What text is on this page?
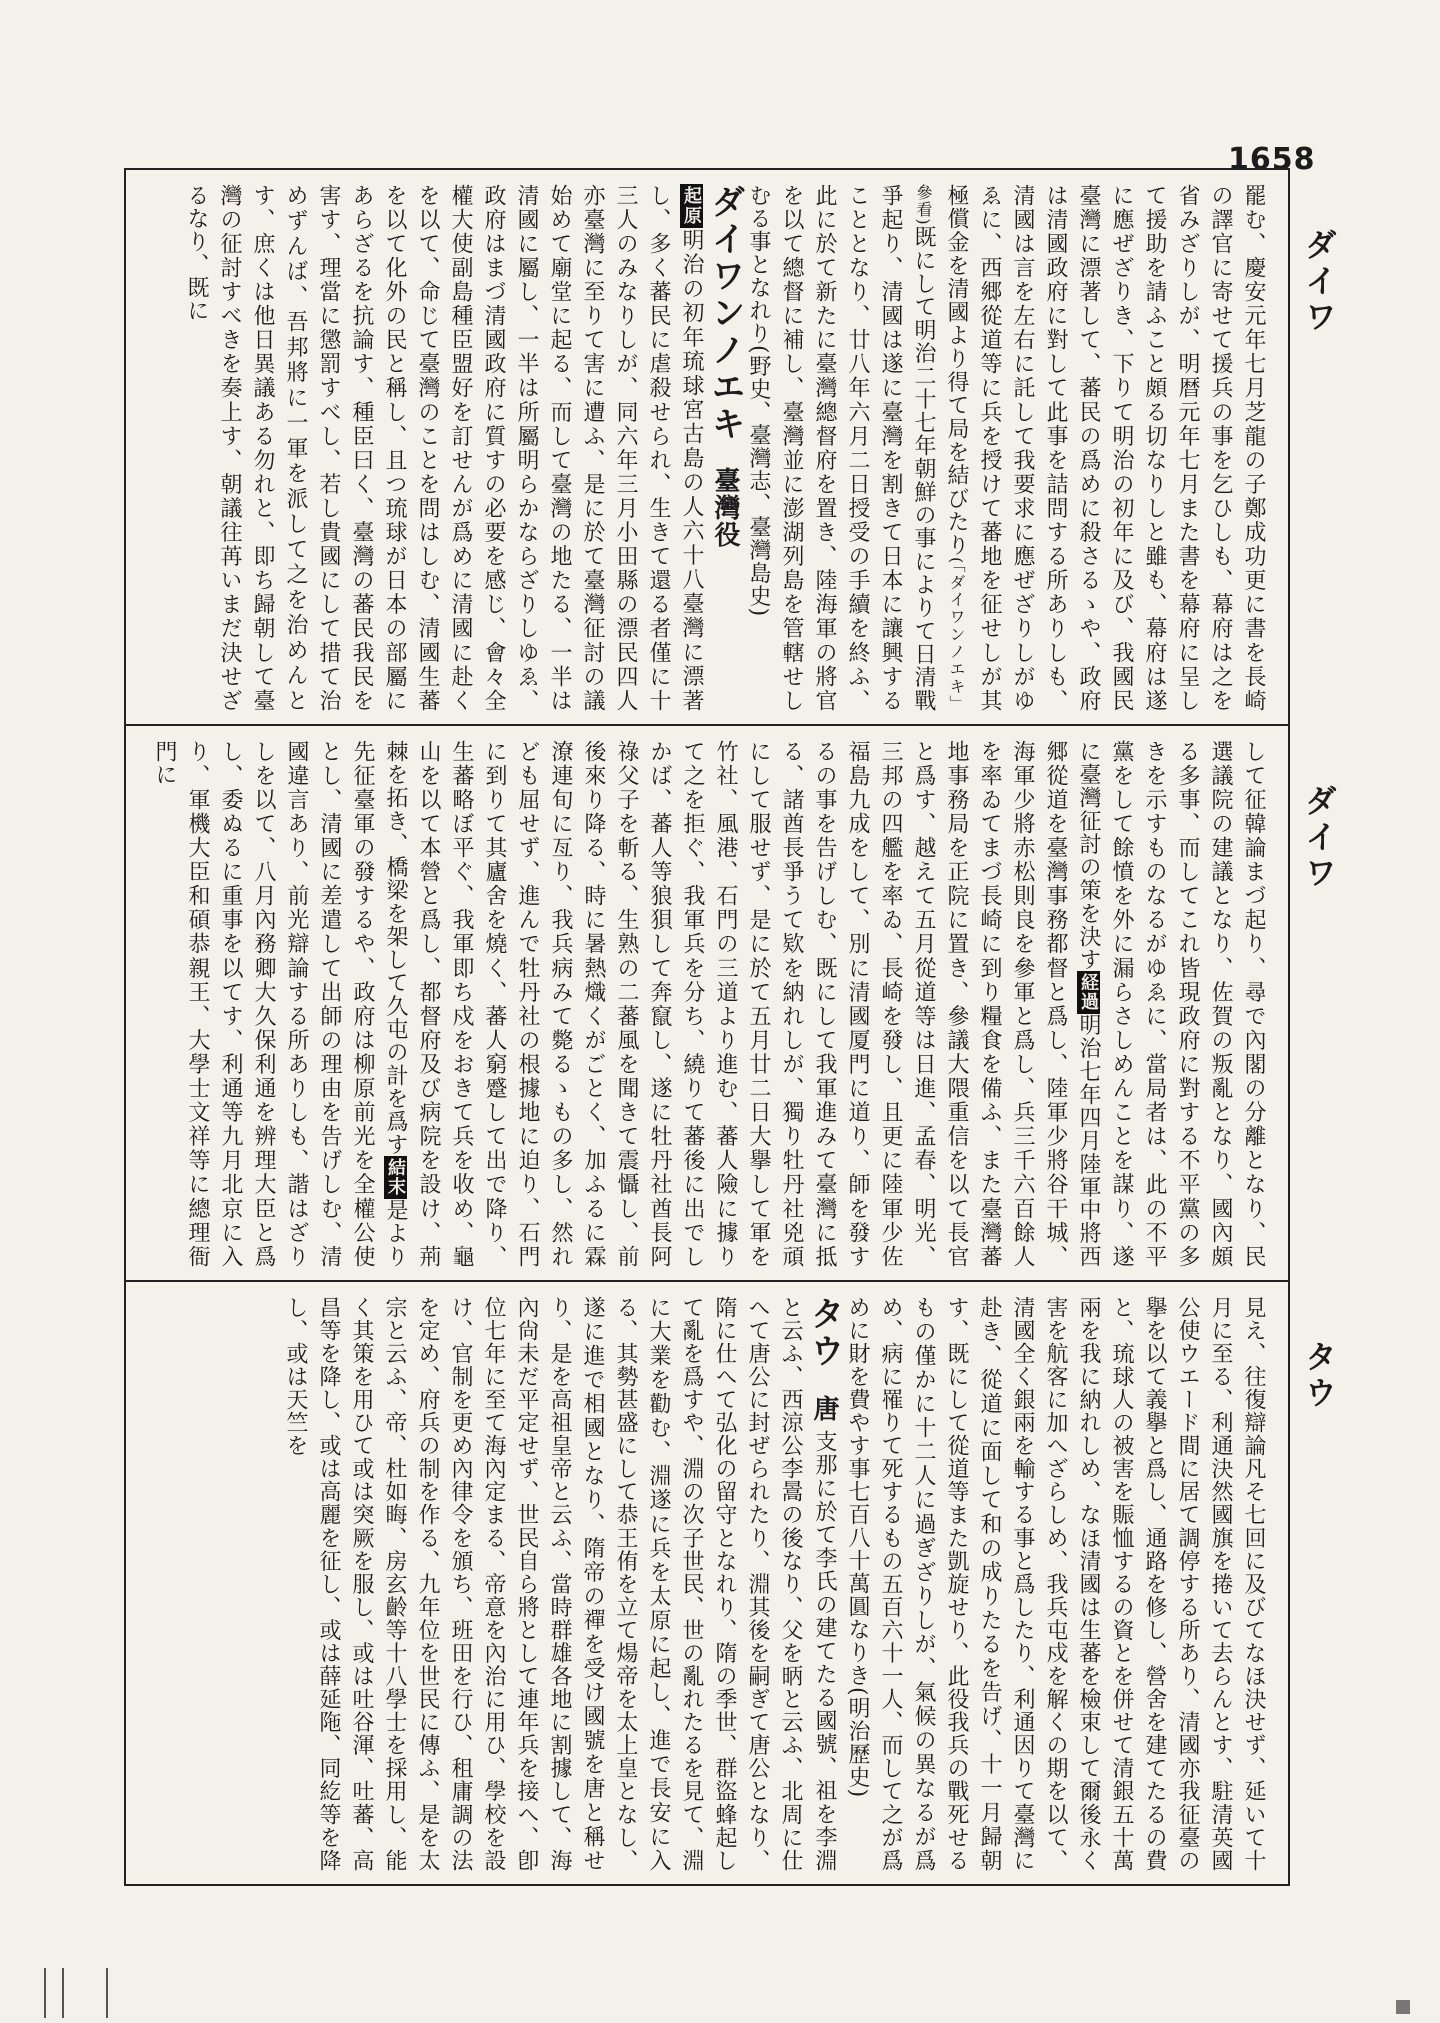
1658
ダイワ
ダイワ
タウ
罷む、慶安元年七月芝龍の子鄭成功更に書を長崎の譯官に寄せて援兵の事を乞ひしも、幕府は之を省みざりしが、明暦元年七月また書を幕府に呈して援助を請ふこと頗る切なりしと雖も、幕府は遂に應ぜざりき、下りて明治の初年に及び、我國民臺灣に漂著して、蕃民の爲めに殺さるゝや、政府は清國政府に對して此事を詰問する所ありしも、清國は言を左右に託して我要求に應ぜざりしがゆゑに、西郷從道等に兵を授けて蕃地を征せしが其極償金を清國より得て局を結びたり(「ダイワンノエキ」參看)既にして明治二十七年朝鮮の事によりて日清戰爭起り、清國は遂に臺灣を割きて日本に讓興することとなり、廿八年六月二日授受の手續を終ふ、此に於て新たに臺灣總督府を置き、陸海軍の將官を以て總督に補し、臺灣並に澎湖列島を管轄せしむる事となれり(野史、臺灣志、臺灣島史)
ダイワンノエキ臺灣役
起原明治の初年琉球宮古島の人六十八臺灣に漂著し、多く蕃民に虐殺せられ、生きて還る者僅に十三人のみなりしが、同六年三月小田縣の漂民四人亦臺灣に至りて害に遭ふ、是に於て臺灣征討の議始めて廟堂に起る、而して臺灣の地たる、一半は清國に屬し、一半は所屬明らかならざりしゆゑ、政府はまづ清國政府に質すの必要を感じ、會々全權大使副島種臣盟好を訂せんが爲めに清國に赴くを以て、命じて臺灣のことを問はしむ、清國生蕃を以て化外の民と稱し、且つ琉球が日本の部屬にあらざるを抗論す、種臣曰く、臺灣の蕃民我民を害す、理當に懲罰すべし、若し貴國にして措て治めずんば、吾邦將に一軍を派して之を治めんとす、庶くは他日異議ある勿れと、即ち歸朝して臺灣の征討すべきを奏上す、朝議往苒いまだ決せざるなり、既に
して征韓論まづ起り、尋で內閣の分離となり、民選議院の建議となり、佐賀の叛亂となり、國內頗る多事、而してこれ皆現政府に對する不平黨の多きを示すものなるがゆゑに、當局者は、此の不平黨をして餘憤を外に漏らさしめんことを謀り、遂に臺灣征討の策を決す経過明治七年四月陸軍中將西郷從道を臺灣事務都督と爲し、陸軍少將谷干城、海軍少將赤松則良を參軍と爲し、兵三千六百餘人を率ゐてまづ長崎に到り糧食を備ふ、また臺灣蕃地事務局を正院に置き、參議大隈重信を以て長官と爲す、越えて五月從道等は日進、孟春、明光、三邦の四艦を率ゐ、長崎を發し、且更に陸軍少佐福島九成をして、別に清國厦門に道り、師を發するの事を告げしむ、既にして我軍進みて臺灣に抵る、諸酋長爭うて欵を納れしが、獨り牡丹社兇頑にして服せず、是に於て五月廿二日大擧して軍を竹社、風港、石門の三道より進む、蕃人險に據りて之を拒ぐ、我軍兵を分ち、繞りて蕃後に出でしかば、蕃人等狼狽して奔竄し、遂に牡丹社酋長阿祿父子を斬る、生熟の二蕃風を聞きて震懾し、前後來り降る、時に暑熱熾くがごとく、加ふるに霖潦連旬に亙り、我兵病みて斃るゝもの多し、然れども屈せず、進んで牡丹社の根據地に迫り、石門に到りて其廬舍を燒く、蕃人窮蹙して出で降り、生蕃略ぼ平ぐ、我軍即ち戍をおきて兵を收め、龜山を以て本營と爲し、都督府及び病院を設け、荊棘を拓き、橋梁を架して久屯の計を爲す結末是より先征臺軍の發するや、政府は柳原前光を全權公使とし、清國に差遣して出師の理由を告げしむ、清國違言あり、前光辯論する所ありしも、諧はざりしを以て、八月內務卿大久保利通を辨理大臣と爲し、委ぬるに重事を以てす、利通等九月北京に入り、軍機大臣和碩恭親王、大學士文祥等に總理衙門に
見え、往復辯論凡そ七回に及びてなほ決せず、延いて十月に至る、利通決然國旗を捲いて去らんとす、駐清英國公使ウエード間に居て調停する所あり、清國亦我征臺の擧を以て義擧と爲し、通路を修し、營舍を建てたるの費と、琉球人の被害を賑恤するの資とを併せて清銀五十萬兩を我に納れしめ、なほ清國は生蕃を檢束して爾後永く害を航客に加へざらしめ、我兵屯戍を解くの期を以て、清國全く銀兩を輸する事と爲したり、利通因りて臺灣に赴き、從道に面して和の成りたるを告げ、十一月歸朝す、既にして從道等また凱旋せり、此役我兵の戰死せるもの僅かに十二人に過ぎざりしが、氣候の異なるが爲め、病に罹りて死するもの五百六十一人、而して之が爲めに財を費やす事七百八十萬圓なりき(明治歷史)
タウ唐 支那に於て李氏の建てたる國號、祖を李淵と云ふ、西涼公李暠の後なり、父を昞と云ふ、北周に仕へて唐公に封ぜられたり、淵其後を嗣ぎて唐公となり、隋に仕へて弘化の留守となれり、隋の季世、群盜蜂起して亂を爲すや、淵の次子世民、世の亂れたるを見て、淵に大業を勸む、淵遂に兵を太原に起し、進で長安に入る、其勢甚盛にして恭王侑を立て煬帝を太上皇となし、遂に進で相國となり、隋帝の禪を受け國號を唐と稱せり、是を高祖皇帝と云ふ、當時群雄各地に割據して、海內尙未だ平定せず、世民自ら將として連年兵を接へ、卽位七年に至て海內定まる、帝意を內治に用ひ、學校を設け、官制を更め內律令を頒ち、班田を行ひ、租庸調の法を定め、府兵の制を作る、九年位を世民に傳ふ、是を太宗と云ふ、帝、杜如晦、房玄齡等十八學士を採用し、能く其策を用ひて或は突厥を服し、或は吐谷渾、吐蕃、高昌等を降し、或は高麗を征し、或は薛延陁、同紇等を降し、或は天竺を
